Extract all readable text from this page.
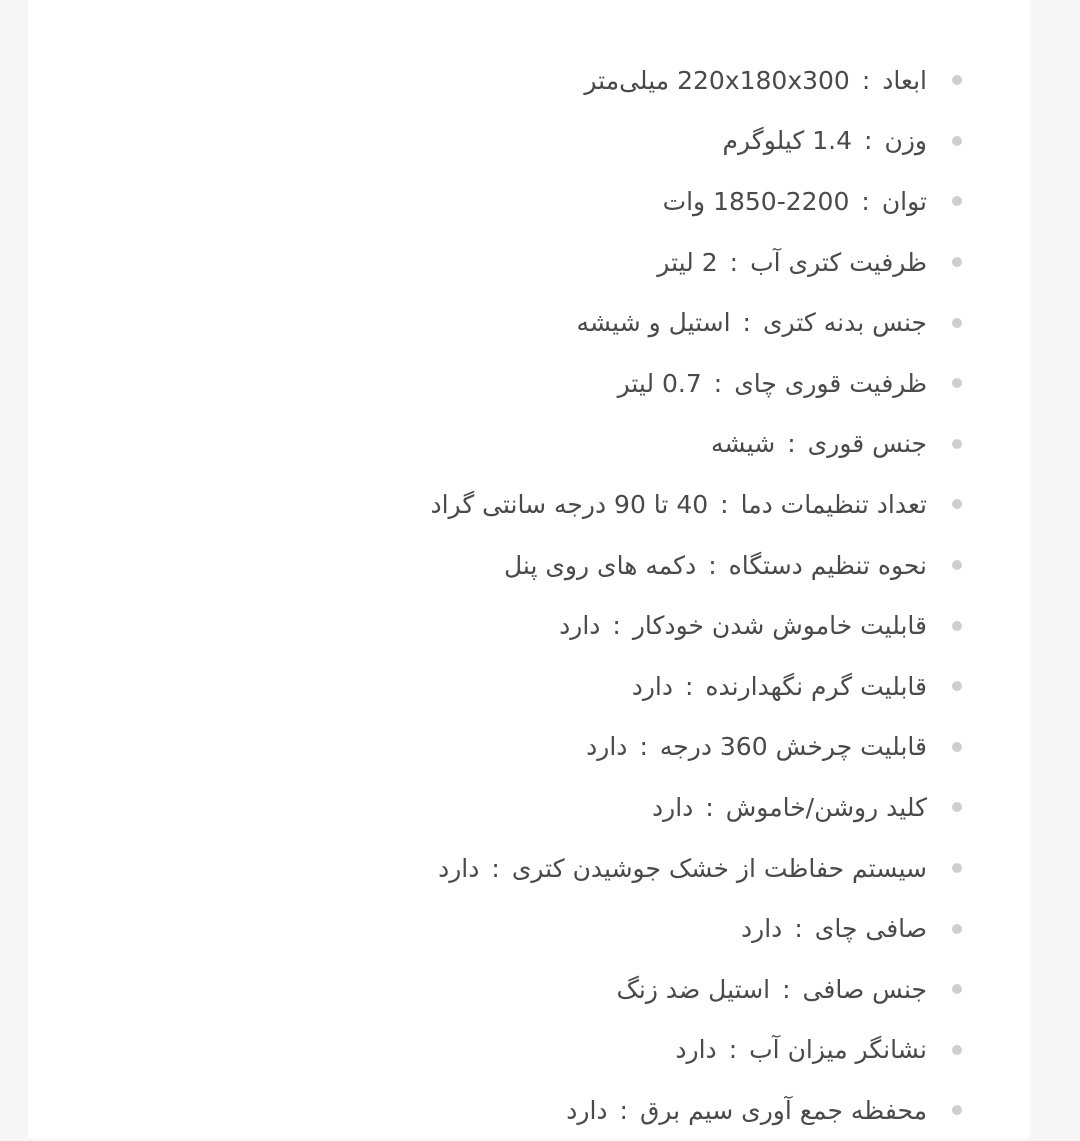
ابعاد
:
220x180x300 میلی‌متر
وزن
:
1.4 کیلوگرم
توان
:
1850-2200 وات
ظرفیت کتری آب
:
2 لیتر
جنس بدنه کتری
:
استیل و شیشه
ظرفیت قوری چای
:
0.7 لیتر
جنس قوری
:
شیشه
تعداد تنظیمات دما
:
40 تا 90 درجه سانتی گراد
نحوه تنظیم دستگاه
:
دکمه های روی پنل
قابلیت خاموش شدن خودکار
:
دارد
قابلیت گرم نگهدارنده
:
دارد
قابلیت چرخش 360 درجه
:
دارد
کلید روشن/خاموش
:
دارد
سیستم حفاظت از خشک جوشیدن کتری
:
دارد
صافی چای
:
دارد
جنس صافی
:
استیل ضد زنگ
نشانگر میزان آب
:
دارد
محفظه جمع آوری سیم برق
:
دارد
